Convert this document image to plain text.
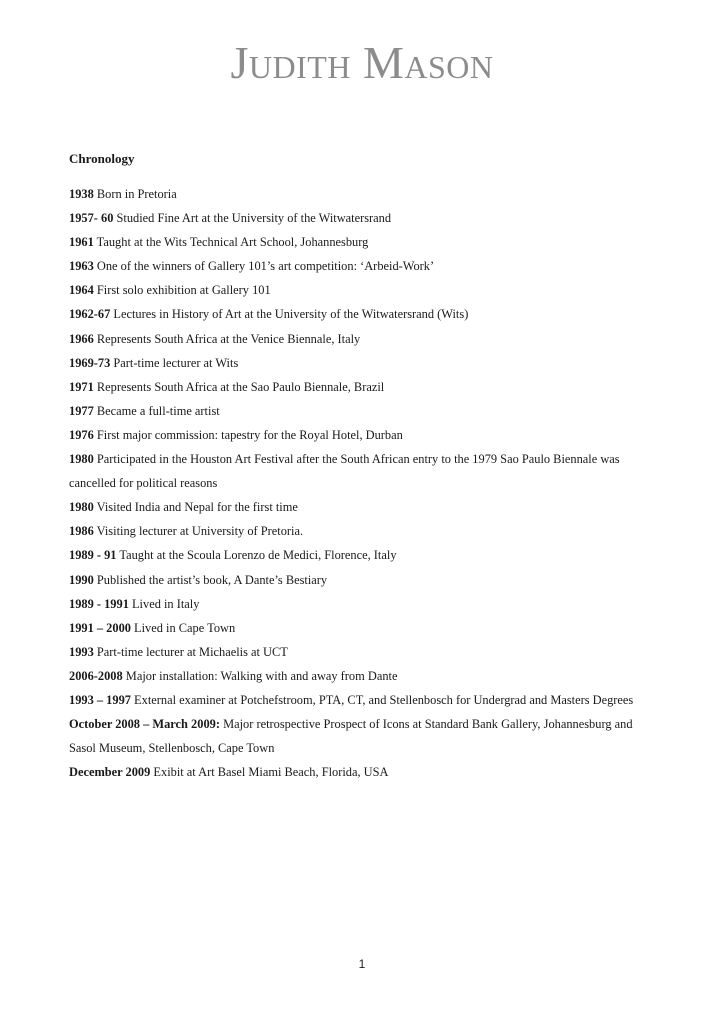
Judith Mason
Chronology

1938 Born in Pretoria

1957- 60 Studied Fine Art at the University of the Witwatersrand

1961 Taught at the Wits Technical Art School, Johannesburg

1963 One of the winners of Gallery 101’s art competition: ‘Arbeid-Work’

1964 First solo exhibition at Gallery 101

1962-67 Lectures in History of Art at the University of the Witwatersrand (Wits)

1966 Represents South Africa at the Venice Biennale, Italy

1969-73 Part-time lecturer at Wits

1971 Represents South Africa at the Sao Paulo Biennale, Brazil

1977 Became a full-time artist

1976 First major commission: tapestry for the Royal Hotel, Durban

1980 Participated in the Houston Art Festival after the South African entry to the 1979 Sao Paulo Biennale was cancelled for political reasons

1980 Visited India and Nepal for the first time

1986 Visiting lecturer at University of Pretoria.

1989 - 91 Taught at the Scoula Lorenzo de Medici, Florence, Italy

1990 Published the artist’s book, A Dante’s Bestiary

1989 - 1991 Lived in Italy

1991 – 2000 Lived in Cape Town

1993 Part-time lecturer at Michaelis at UCT

2006-2008 Major installation: Walking with and away from Dante

1993 – 1997 External examiner at Potchefstroom, PTA, CT, and Stellenbosch for Undergrad and Masters Degrees

October 2008 – March 2009: Major retrospective Prospect of Icons at Standard Bank Gallery, Johannesburg and Sasol Museum, Stellenbosch, Cape Town

December 2009 Exibit at Art Basel Miami Beach, Florida, USA

1
